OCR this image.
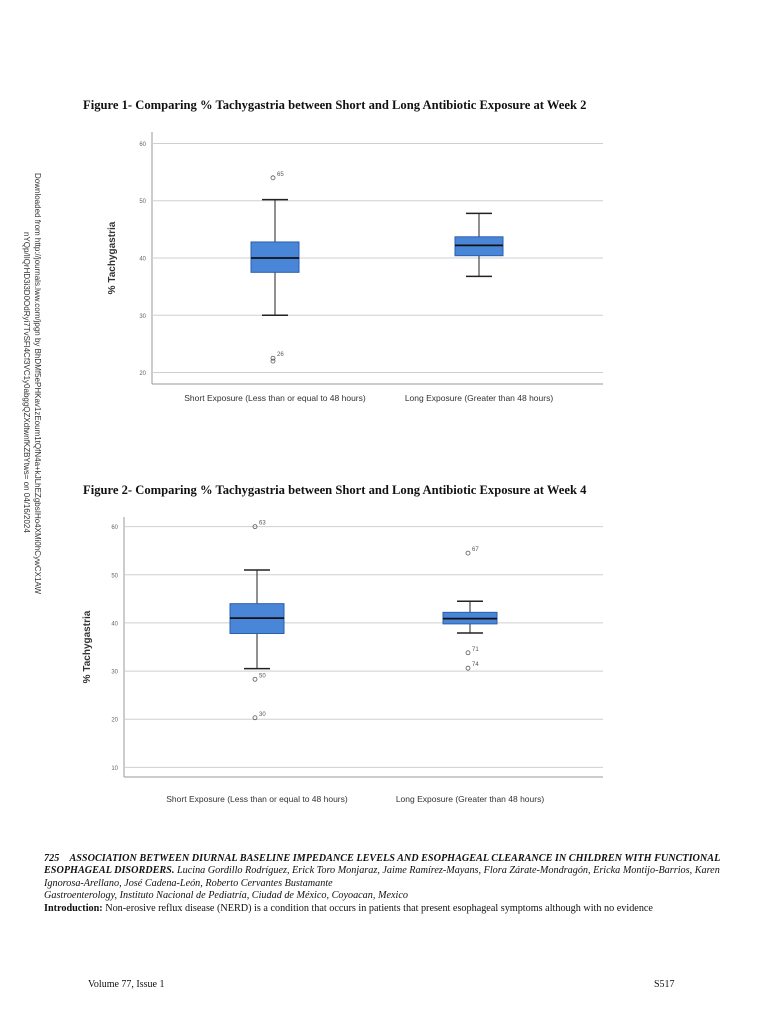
Downloaded from http://journals.lww.com/jpgn by BhDMf5ePHKav1zEoum1tQfN4a+kJLhEZgbsIHo4XMi0hCywCX1AW
nYQp/IlQrHD3i3D0OdRyi7TvSFl4Cf3VC1y0abggQZXdtwnfKZBYtws= on 04/16/2024
Figure 1- Comparing % Tachygastria between Short and Long Antibiotic Exposure at Week 2
20
30
40
50
60
% Tachygastria
Short Exposure (Less than or equal to 48 hours)	Long Exposure (Greater than 48 hours)
65
26
Figure 2- Comparing % Tachygastria between Short and Long Antibiotic Exposure at Week 4
10
20
30
40
50
60
% Tachygastria
Short Exposure (Less than or equal to 48 hours)	Long Exposure (Greater than 48 hours)
63
50
30
67
71
74

725 ASSOCIATION BETWEEN DIURNAL BASELINE IMPEDANCE LEVELS AND ESOPHAGEAL CLEARANCE IN CHILDREN WITH FUNCTIONAL ESOPHAGEAL DISORDERS. Lucina Gordillo Rodríguez, Erick Toro Monjaraz, Jaime Ramírez-Mayans, Flora Zárate-Mondragón, Ericka Montijo-Barrios, Karen Ignorosa-Arellano, José Cadena-León, Roberto Cervantes Bustamante

Gastroenterology, Instituto Nacional de Pediatría, Ciudad de México, Coyoacan, Mexico

Introduction: Non-erosive reflux disease (NERD) is a condition that occurs in patients that present esophageal symptoms although with no evidence

Volume 77, Issue 1	S517
